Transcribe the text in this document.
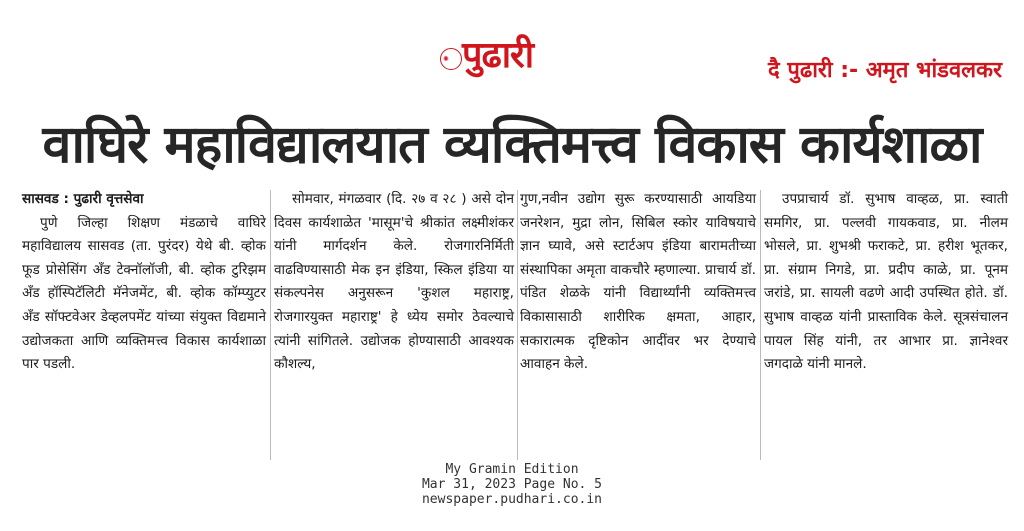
✺ पुढारी	दै पुढारी :- अमृत भांडवलकर
वाघिरे महाविद्यालयात व्यक्तिमत्त्व विकास कार्यशाळा

सासवड : पुढारी वृत्तसेवा

पुणे जिल्हा शिक्षण मंडळाचे वाघिरे महाविद्यालय सासवड (ता. पुरंदर) येथे बी. व्होक फूड प्रोसेसिंग अँड टेक्नॉलॉजी, बी. व्होक टुरिझम अँड हॉस्पिटॅलिटी मॅनेजमेंट, बी. व्होक कॉम्प्युटर अँड सॉफ्टवेअर डेव्हलपमेंट यांच्या संयुक्त विद्यमाने उद्योजकता आणि व्यक्तिमत्त्व विकास कार्यशाळा पार पडली.

सोमवार, मंगळवार (दि. २७ व २८ ) असे दोन दिवस कार्यशाळेत 'मासूम'चे श्रीकांत लक्ष्मीशंकर यांनी मार्गदर्शन केले. रोजगारनिर्मिती वाढविण्यासाठी मेक इन इंडिया, स्किल इंडिया या संकल्पनेस अनुसरून 'कुशल महाराष्ट्र, रोजगारयुक्त महाराष्ट्र' हे ध्येय समोर ठेवल्याचे त्यांनी सांगितले. उद्योजक होण्यासाठी आवश्यक कौशल्य,

गुण,नवीन उद्योग सुरू करण्यासाठी आयडिया जनरेशन, मुद्रा लोन, सिबिल स्कोर याविषयाचे ज्ञान घ्यावे, असे स्टार्टअप इंडिया बारामतीच्या संस्थापिका अमृता वाकचौरे म्हणाल्या. प्राचार्य डॉ. पंडित शेळके यांनी विद्यार्थ्यांनी व्यक्तिमत्त्व विकासासाठी शारीरिक क्षमता, आहार, सकारात्मक दृष्टिकोन आदींवर भर देण्याचे आवाहन केले.

उपप्राचार्य डॉ. सुभाष वाव्हळ, प्रा. स्वाती समगिर, प्रा. पल्लवी गायकवाड, प्रा. नीलम भोसले, प्रा. शुभश्री फराकटे, प्रा. हरीश भूतकर, प्रा. संग्राम निगडे, प्रा. प्रदीप काळे, प्रा. पूनम जरांडे, प्रा. सायली वढणे आदी उपस्थित होते. डॉ. सुभाष वाव्हळ यांनी प्रास्ताविक केले. सूत्रसंचालन पायल सिंह यांनी, तर आभार प्रा. ज्ञानेश्वर जगदाळे यांनी मानले.

My Gramin Edition
Mar 31, 2023 Page No. 5
newspaper.pudhari.co.in
